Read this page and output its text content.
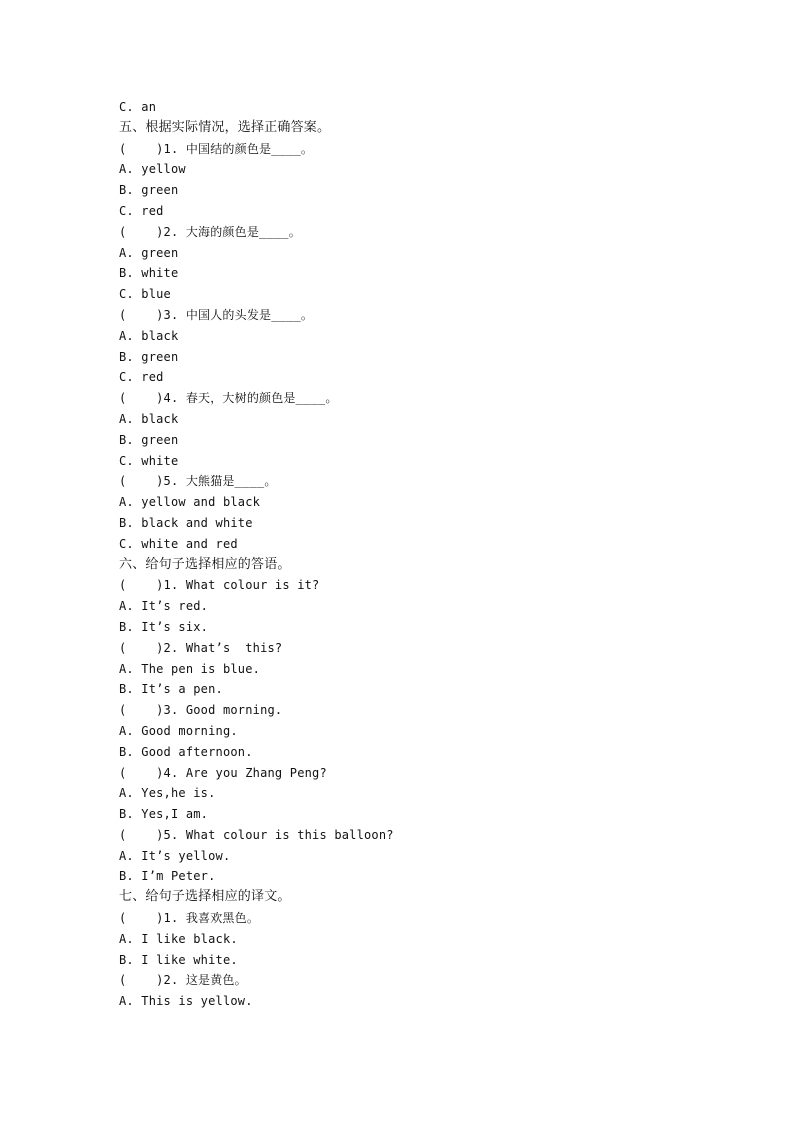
C. an
五、根据实际情况，选择正确答案。
(    )1. 中国结的颜色是____。
A. yellow
B. green
C. red
(    )2. 大海的颜色是____。
A. green
B. white
C. blue
(    )3. 中国人的头发是____。
A. black
B. green
C. red
(    )4. 春天，大树的颜色是____。
A. black
B. green
C. white
(    )5. 大熊猫是____。
A. yellow and black
B. black and white
C. white and red
六、给句子选择相应的答语。
(    )1. What colour is it?
A. It’s red.
B. It’s six.
(    )2. What’s  this?
A. The pen is blue.
B. It’s a pen.
(    )3. Good morning.
A. Good morning.
B. Good afternoon.
(    )4. Are you Zhang Peng?
A. Yes,he is.
B. Yes,I am.
(    )5. What colour is this balloon?
A. It’s yellow.
B. I’m Peter.
七、给句子选择相应的译文。
(    )1. 我喜欢黑色。
A. I like black.
B. I like white.
(    )2. 这是黄色。
A. This is yellow.
